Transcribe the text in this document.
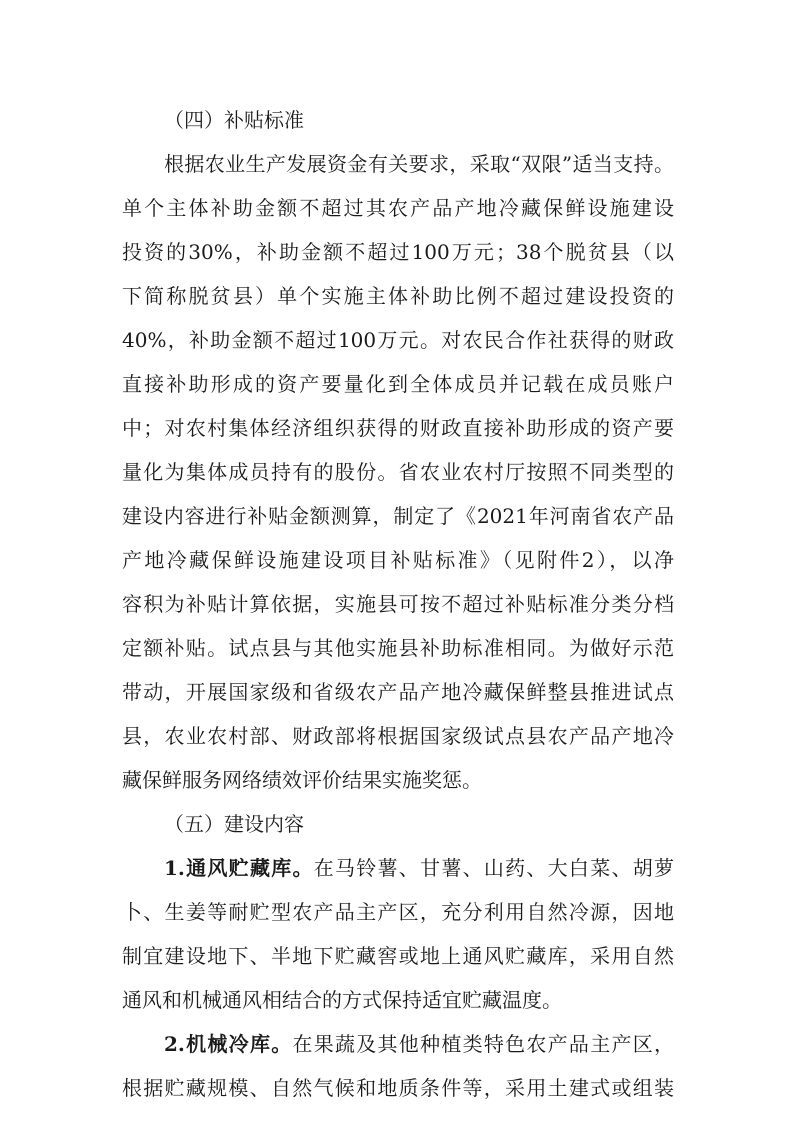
（四）补贴标准
根据农业生产发展资金有关要求，采取“双限”适当支持。
单个主体补助金额不超过其农产品产地冷藏保鲜设施建设
投资的30%，补助金额不超过100万元；38个脱贫县（以
下简称脱贫县）单个实施主体补助比例不超过建设投资的
40%，补助金额不超过100万元。对农民合作社获得的财政
直接补助形成的资产要量化到全体成员并记载在成员账户
中；对农村集体经济组织获得的财政直接补助形成的资产要
量化为集体成员持有的股份。省农业农村厅按照不同类型的
建设内容进行补贴金额测算，制定了《2021年河南省农产品
产地冷藏保鲜设施建设项目补贴标准》（见附件2），以净
容积为补贴计算依据，实施县可按不超过补贴标准分类分档
定额补贴。试点县与其他实施县补助标准相同。为做好示范
带动，开展国家级和省级农产品产地冷藏保鲜整县推进试点
县，农业农村部、财政部将根据国家级试点县农产品产地冷
藏保鲜服务网络绩效评价结果实施奖惩。
（五）建设内容
1.通风贮藏库。在马铃薯、甘薯、山药、大白菜、胡萝
卜、生姜等耐贮型农产品主产区，充分利用自然冷源，因地
制宜建设地下、半地下贮藏窖或地上通风贮藏库，采用自然
通风和机械通风相结合的方式保持适宜贮藏温度。
2.机械冷库。在果蔬及其他种植类特色农产品主产区，
根据贮藏规模、自然气候和地质条件等，采用土建式或组装
